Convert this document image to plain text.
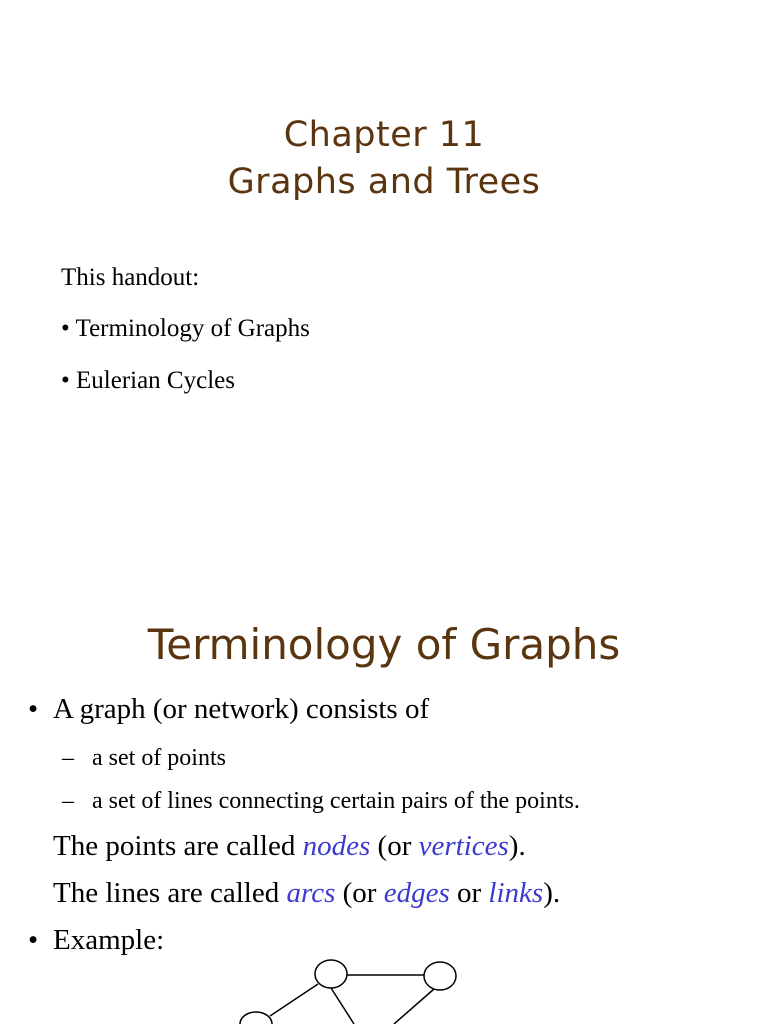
Chapter 11
Graphs and Trees
This handout:
• Terminology of Graphs
• Eulerian Cycles
Terminology of Graphs
• A graph (or network) consists of
– a set of points
– a set of lines connecting certain pairs of the points.
The points are called nodes (or vertices).
The lines are called arcs (or edges or links).
• Example:
